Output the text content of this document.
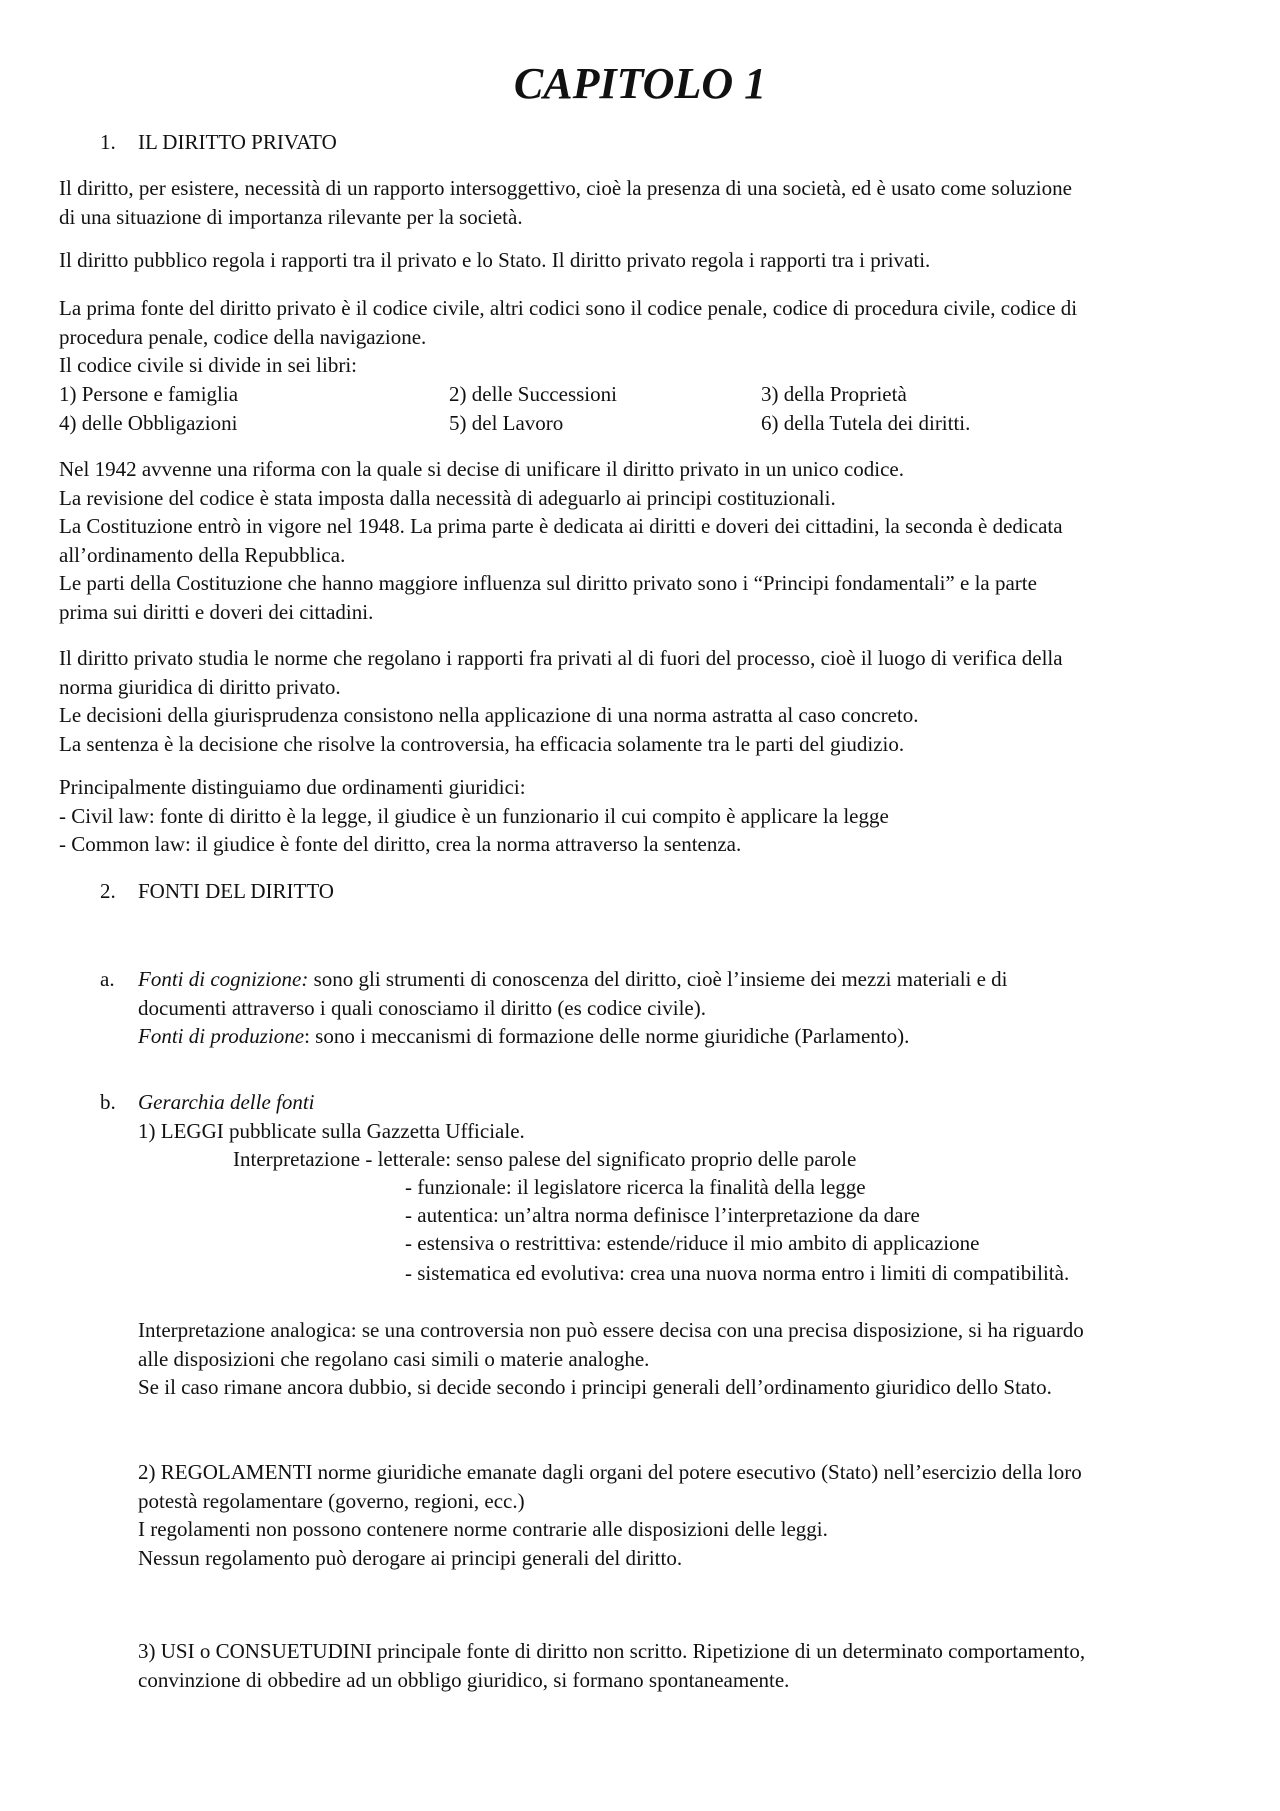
CAPITOLO 1
1. IL DIRITTO PRIVATO
Il diritto, per esistere, necessità di un rapporto intersoggettivo, cioè la presenza di una società, ed è usato come soluzione
di una situazione di importanza rilevante per la società.
Il diritto pubblico regola i rapporti tra il privato e lo Stato. Il diritto privato regola i rapporti tra i privati.
La prima fonte del diritto privato è il codice civile, altri codici sono il codice penale, codice di procedura civile, codice di
procedura penale, codice della navigazione.
Il codice civile si divide in sei libri:
1) Persone e famiglia	2) delle Successioni	3) della Proprietà
4) delle Obbligazioni	5) del Lavoro	6) della Tutela dei diritti.
Nel 1942 avvenne una riforma con la quale si decise di unificare il diritto privato in un unico codice.
La revisione del codice è stata imposta dalla necessità di adeguarlo ai principi costituzionali.
La Costituzione entrò in vigore nel 1948. La prima parte è dedicata ai diritti e doveri dei cittadini, la seconda è dedicata
all’ordinamento della Repubblica.
Le parti della Costituzione che hanno maggiore influenza sul diritto privato sono i “Principi fondamentali” e la parte
prima sui diritti e doveri dei cittadini.
Il diritto privato studia le norme che regolano i rapporti fra privati al di fuori del processo, cioè il luogo di verifica della
norma giuridica di diritto privato.
Le decisioni della giurisprudenza consistono nella applicazione di una norma astratta al caso concreto.
La sentenza è la decisione che risolve la controversia, ha efficacia solamente tra le parti del giudizio.
Principalmente distinguiamo due ordinamenti giuridici:
- Civil law: fonte di diritto è la legge, il giudice è un funzionario il cui compito è applicare la legge
- Common law: il giudice è fonte del diritto, crea la norma attraverso la sentenza.
2. FONTI DEL DIRITTO
a. Fonti di cognizione: sono gli strumenti di conoscenza del diritto, cioè l’insieme dei mezzi materiali e di
documenti attraverso i quali conosciamo il diritto (es codice civile).
Fonti di produzione: sono i meccanismi di formazione delle norme giuridiche (Parlamento).
b. Gerarchia delle fonti
1) LEGGI pubblicate sulla Gazzetta Ufficiale.
Interpretazione - letterale: senso palese del significato proprio delle parole
- funzionale: il legislatore ricerca la finalità della legge
- autentica: un’altra norma definisce l’interpretazione da dare
- estensiva o restrittiva: estende/riduce il mio ambito di applicazione
- sistematica ed evolutiva: crea una nuova norma entro i limiti di compatibilità.
Interpretazione analogica: se una controversia non può essere decisa con una precisa disposizione, si ha riguardo
alle disposizioni che regolano casi simili o materie analoghe.
Se il caso rimane ancora dubbio, si decide secondo i principi generali dell’ordinamento giuridico dello Stato.
2) REGOLAMENTI norme giuridiche emanate dagli organi del potere esecutivo (Stato) nell’esercizio della loro
potestà regolamentare (governo, regioni, ecc.)
I regolamenti non possono contenere norme contrarie alle disposizioni delle leggi.
Nessun regolamento può derogare ai principi generali del diritto.
3) USI o CONSUETUDINI principale fonte di diritto non scritto. Ripetizione di un determinato comportamento,
convinzione di obbedire ad un obbligo giuridico, si formano spontaneamente.
